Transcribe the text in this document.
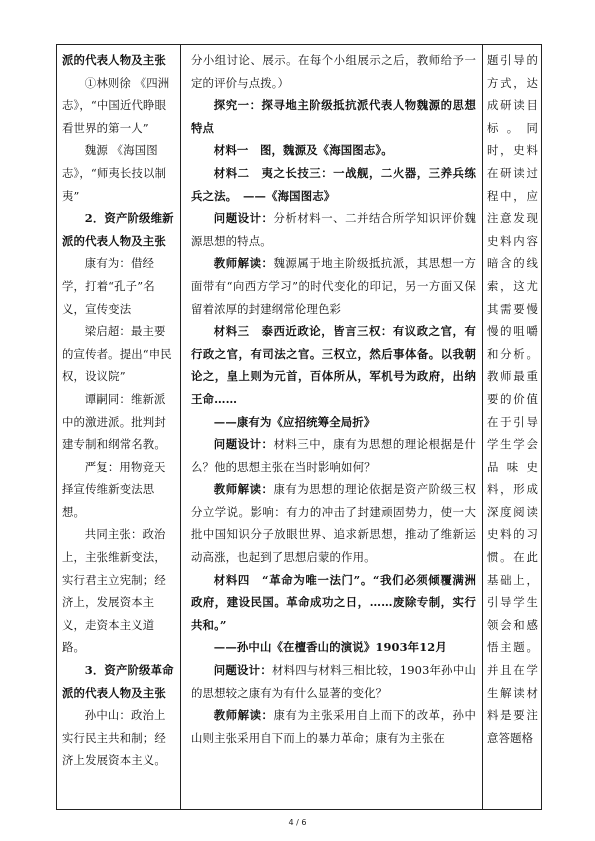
派的代表人物及主张

①林则徐 《四洲志》，“中国近代睁眼看世界的第一人”

魏源 《海国图志》，“师夷长技以制夷”

2．资产阶级维新派的代表人物及主张

康有为：借经学，打着“孔子”名义，宣传变法

梁启超：最主要的宣传者。提出“申民权，设议院”

谭嗣同：维新派中的激进派。批判封建专制和纲常名教。

严复：用物竞天择宣传维新变法思想。

共同主张：政治上，主张维新变法，实行君主立宪制；经济上，发展资本主义，走资本主义道路。

3．资产阶级革命派的代表人物及主张

孙中山：政治上实行民主共和制；经济上发展资本主义。

分小组讨论、展示。在每个小组展示之后，教师给予一定的评价与点拨。）

探究一：探寻地主阶级抵抗派代表人物魏源的思想特点

材料一　图，魏源及《海国图志》。

材料二　夷之长技三：一战舰，二火器，三养兵练兵之法。　——《海国图志》

问题设计：分析材料一、二并结合所学知识评价魏源思想的特点。

教师解读：魏源属于地主阶级抵抗派，其思想一方面带有“向西方学习”的时代变化的印记，另一方面又保留着浓厚的封建纲常伦理色彩

材料三　泰西近政论，皆言三权：有议政之官，有行政之官，有司法之官。三权立，然后事体备。以我朝论之，皇上则为元首，百体所从，军机号为政府，出纳王命……

——康有为《应招统筹全局折》

问题设计：材料三中，康有为思想的理论根据是什么？他的思想主张在当时影响如何？

教师解读：康有为思想的理论依据是资产阶级三权分立学说。影响：有力的冲击了封建顽固势力，使一大批中国知识分子放眼世界、追求新思想，推动了维新运动高涨，也起到了思想启蒙的作用。

材料四　“革命为唯一法门”。“我们必须倾覆满洲政府，建设民国。革命成功之日，……废除专制，实行共和。”

——孙中山《在檀香山的演说》1903年12月

问题设计：材料四与材料三相比较，1903年孙中山的思想较之康有为有什么显著的变化？

教师解读：康有为主张采用自上而下的改革，孙中山则主张采用自下而上的暴力革命；康有为主张在

题引导的方式，达成研读目标。同时，史料在研读过程中，应注意发现史料内容暗含的线索，这尤其需要慢慢的咀嚼和分析。教师最重要的价值在于引导学生学会品味史料，形成深度阅读史料的习惯。在此基础上，引导学生领会和感悟主题。并且在学生解读材料是要注意答题格
4 / 6
